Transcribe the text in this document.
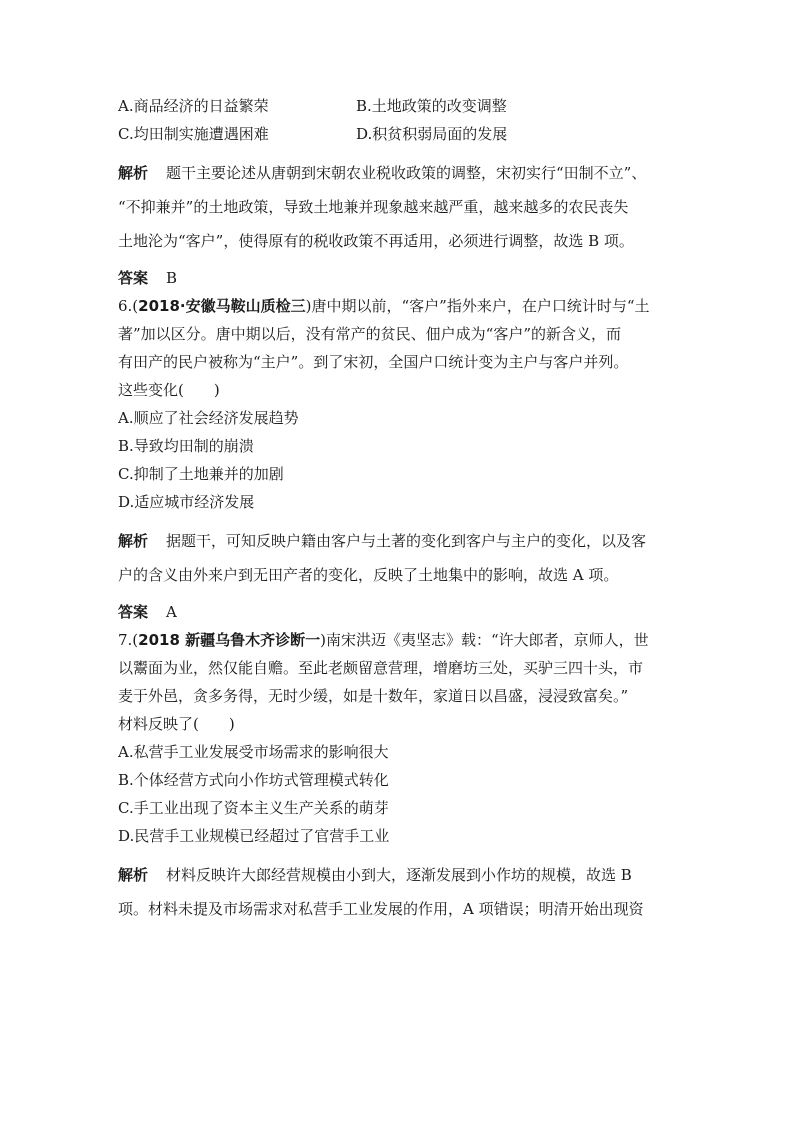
A.商品经济的日益繁荣	B.土地政策的改变调整
C.均田制实施遭遇困难	D.积贫积弱局面的发展
解析 题干主要论述从唐朝到宋朝农业税收政策的调整，宋初实行“田制不立”、
“不抑兼并”的土地政策，导致土地兼并现象越来越严重，越来越多的农民丧失
土地沦为“客户”，使得原有的税收政策不再适用，必须进行调整，故选 B 项。
答案 B
6.(2018·安徽马鞍山质检三)唐中期以前，“客户”指外来户，在户口统计时与“土
著”加以区分。唐中期以后，没有常产的贫民、佃户成为“客户”的新含义，而
有田产的民户被称为“主户”。到了宋初，全国户口统计变为主户与客户并列。
这些变化(　　)
A.顺应了社会经济发展趋势
B.导致均田制的崩溃
C.抑制了土地兼并的加剧
D.适应城市经济发展
解析 据题干，可知反映户籍由客户与土著的变化到客户与主户的变化，以及客
户的含义由外来户到无田产者的变化，反映了土地集中的影响，故选 A 项。
答案 A
7.(2018 新疆乌鲁木齐诊断一)南宋洪迈《夷坚志》载：“许大郎者，京师人，世
以鬻面为业，然仅能自赡。至此老颇留意营理，增磨坊三处，买驴三四十头，市
麦于外邑，贪多务得，无时少缓，如是十数年，家道日以昌盛，浸浸致富矣。”
材料反映了(　　)
A.私营手工业发展受市场需求的影响很大
B.个体经营方式向小作坊式管理模式转化
C.手工业出现了资本主义生产关系的萌芽
D.民营手工业规模已经超过了官营手工业
解析 材料反映许大郎经营规模由小到大，逐渐发展到小作坊的规模，故选 B
项。材料未提及市场需求对私营手工业发展的作用，A 项错误；明清开始出现资
